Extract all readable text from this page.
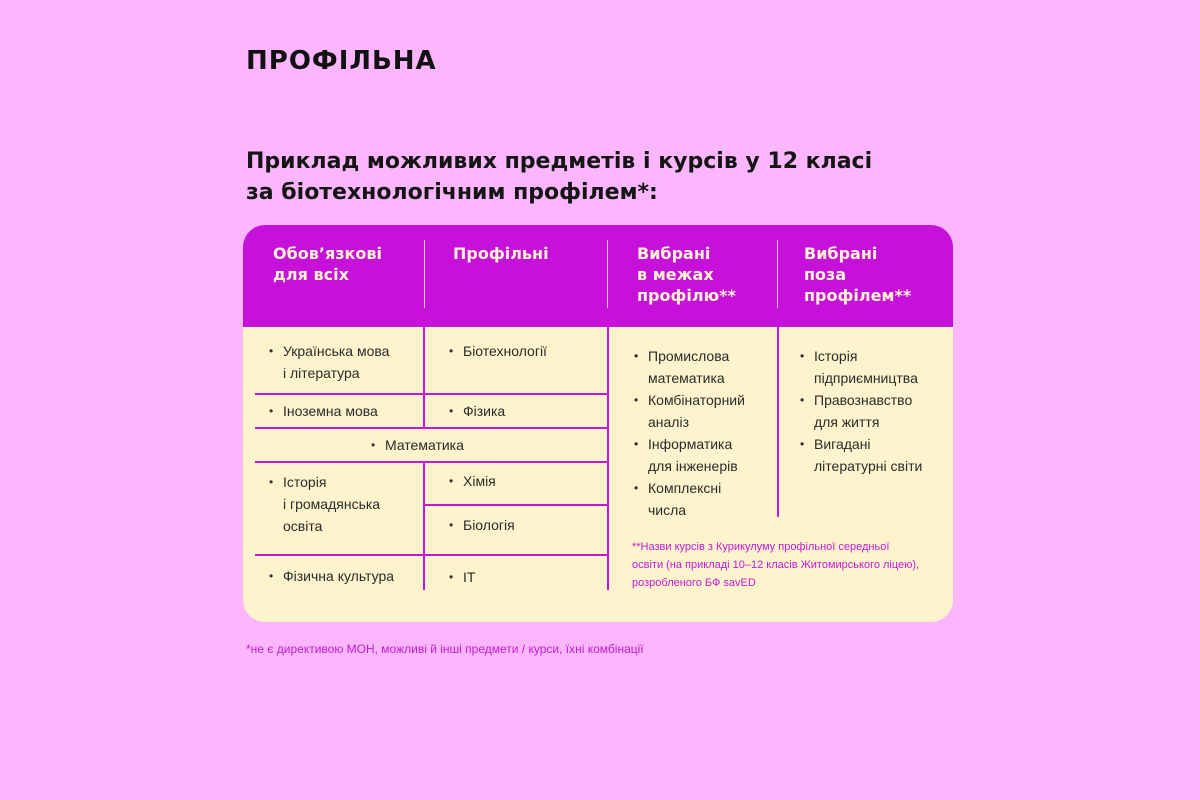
ПРОФІЛЬНА
Приклад можливих предметів і курсів у 12 класі
за біотехнологічним профілем*:
Обов’язкові
для всіх
Профільні	Вибрані
в межах
профілю**
Вибрані
поза
профілем**
• Українська мова
і література
• Іноземна мова
• Математика
• Історія
і громадянська
освіта
• Фізична культура
• Біотехнології
• Фізика
• Хімія
• Біологія
• ІТ
• Промислова
математика
• Комбінаторний
аналіз
• Інформатика
для інженерів
• Комплексні
числа
• Історія
підприємництва
• Правознавство
для життя
• Вигадані
літературні світи
**Назви курсів з Курикулуму профільної середньої
освіти (на прикладі 10–12 класів Житомирського ліцею),
розробленого БФ savED
*не є директивою МОН, можливі й інші предмети / курси, їхні комбінації
